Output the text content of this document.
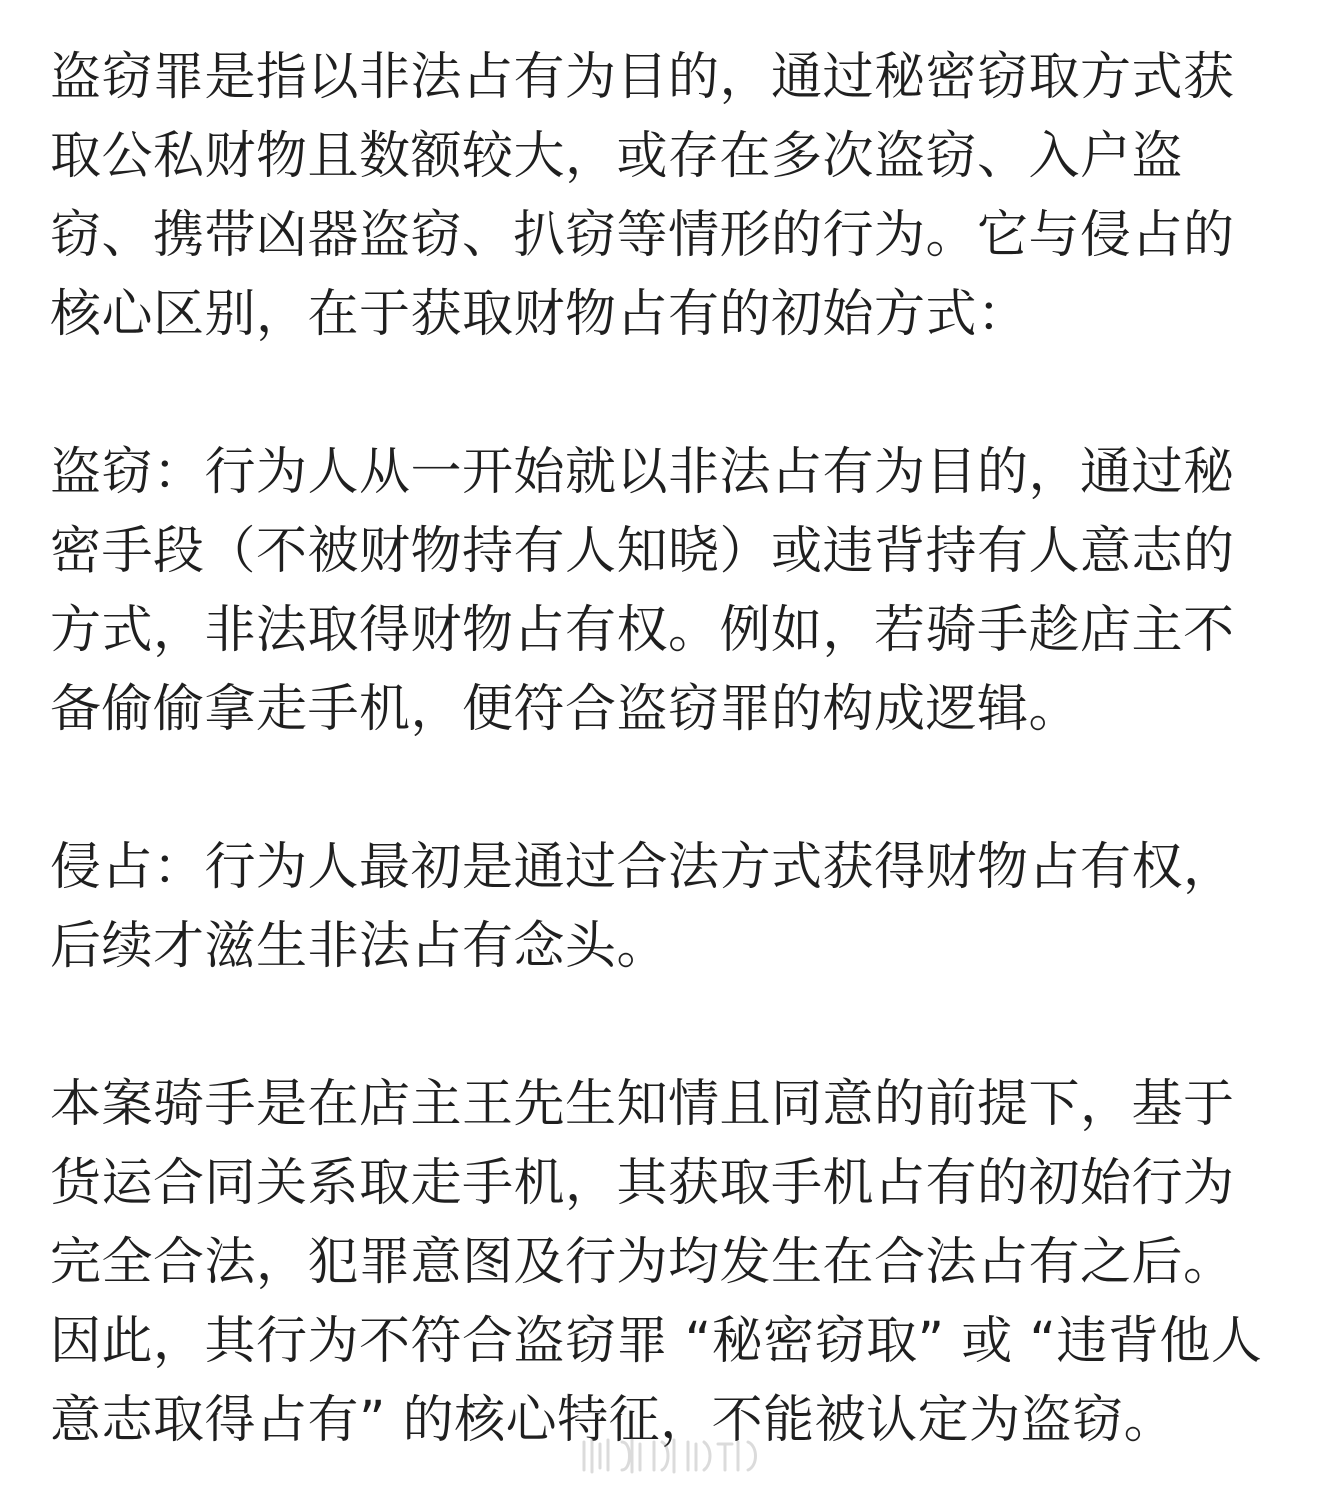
盗窃罪是指以非法占有为目的，通过秘密窃取方式获
取公私财物且数额较大，或存在多次盗窃、入户盗
窃、携带凶器盗窃、扒窃等情形的行为。它与侵占的
核心区别，在于获取财物占有的初始方式：

盗窃：行为人从一开始就以非法占有为目的，通过秘
密手段（不被财物持有人知晓）或违背持有人意志的
方式，非法取得财物占有权。例如，若骑手趁店主不
备偷偷拿走手机，便符合盗窃罪的构成逻辑。

侵占：行为人最初是通过合法方式获得财物占有权，
后续才滋生非法占有念头。

本案骑手是在店主王先生知情且同意的前提下，基于
货运合同关系取走手机，其获取手机占有的初始行为
完全合法，犯罪意图及行为均发生在合法占有之后。
因此，其行为不符合盗窃罪 “秘密窃取” 或 “违背他人
意志取得占有” 的核心特征，不能被认定为盗窃。
